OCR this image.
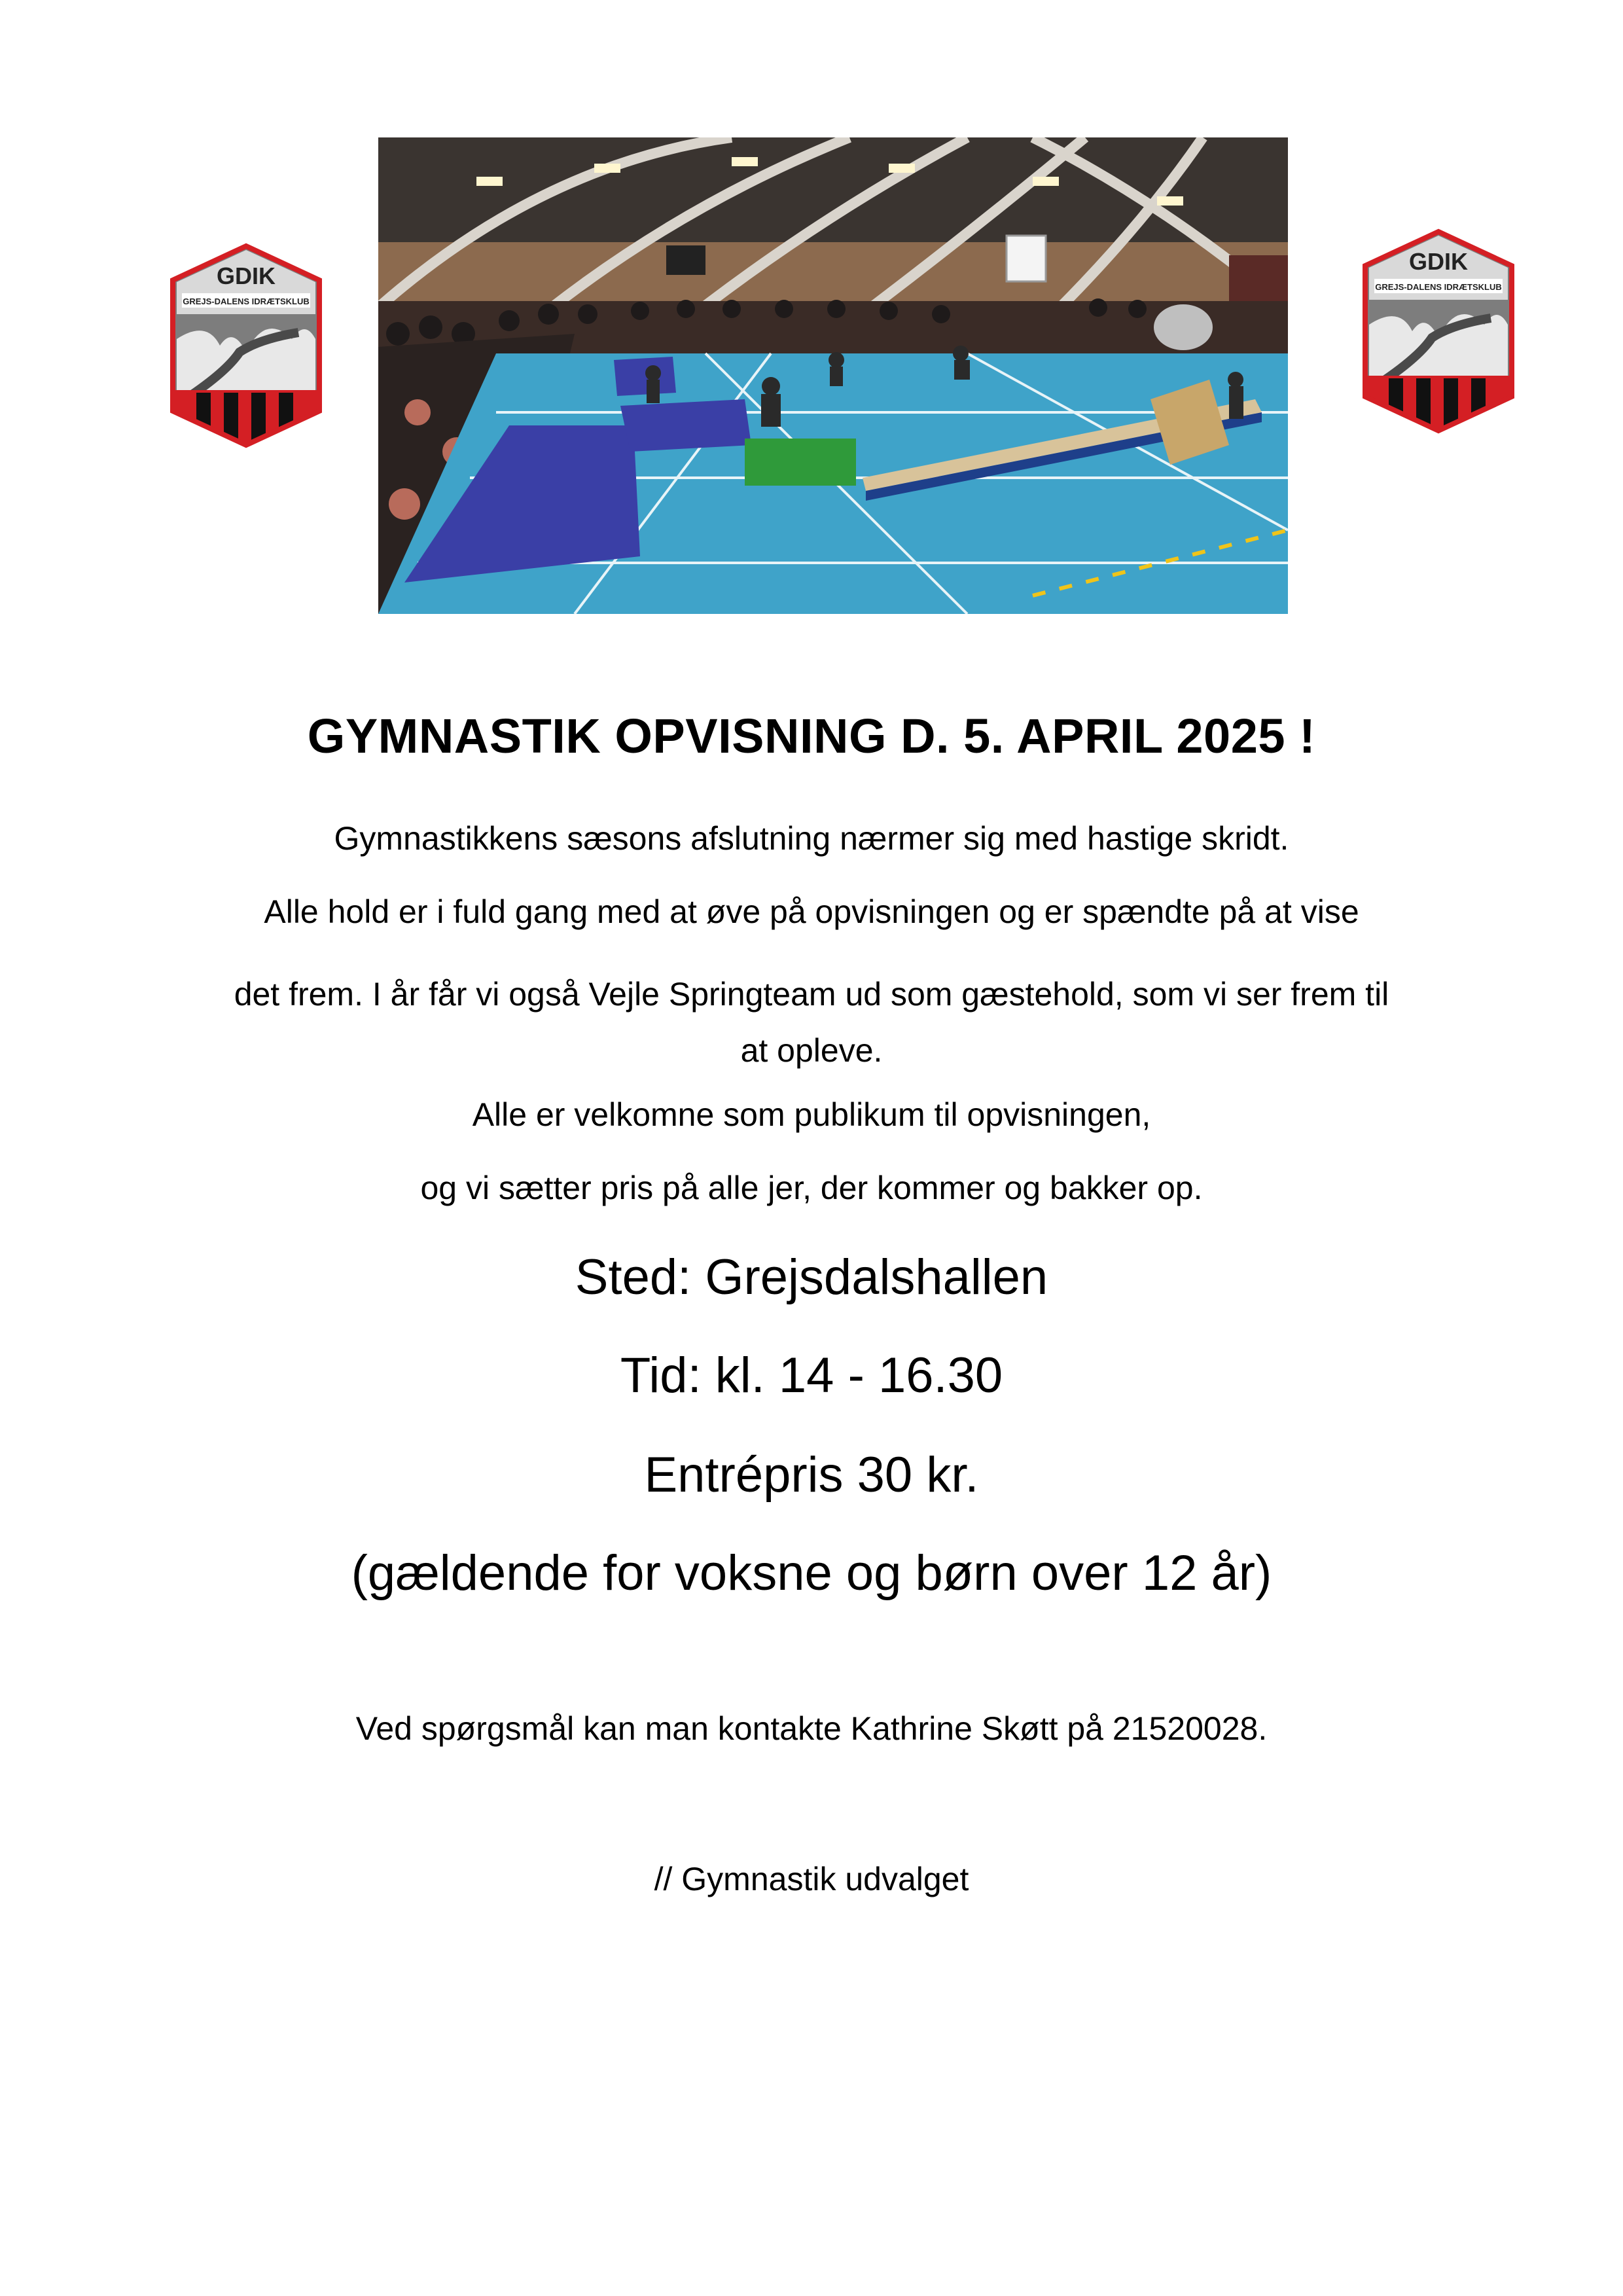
GDIK
GREJS-DALENS IDRÆTSKLUB
GDIK
GREJS-DALENS IDRÆTSKLUB
GYMNASTIK OPVISNING D. 5. APRIL 2025 !
Gymnastikkens sæsons afslutning nærmer sig med hastige skridt.
Alle hold er i fuld gang med at øve på opvisningen og er spændte på at vise
det frem. I år får vi også Vejle Springteam ud som gæstehold, som vi ser frem til
at opleve.
Alle er velkomne som publikum til opvisningen,
og vi sætter pris på alle jer, der kommer og bakker op.
Sted: Grejsdalshallen
Tid: kl. 14 - 16.30
Entrépris 30 kr.
(gældende for voksne og børn over 12 år)
Ved spørgsmål kan man kontakte Kathrine Skøtt på 21520028.
// Gymnastik udvalget
